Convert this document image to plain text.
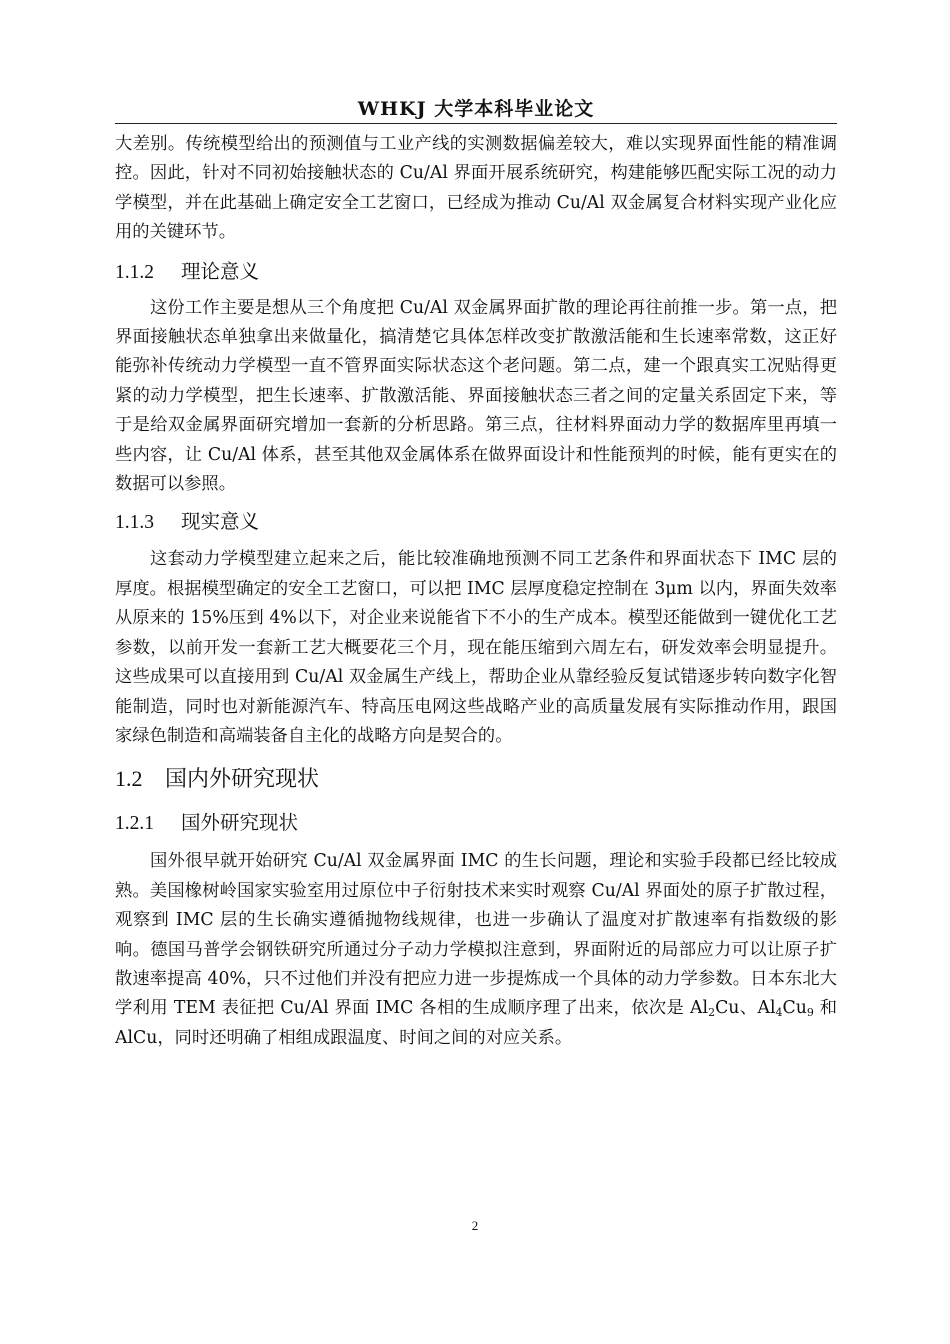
WHKJ 大学本科毕业论文

大差别。传统模型给出的预测值与工业产线的实测数据偏差较大，难以实现界面性能的精准调控。因此，针对不同初始接触状态的 Cu/Al 界面开展系统研究，构建能够匹配实际工况的动力学模型，并在此基础上确定安全工艺窗口，已经成为推动 Cu/Al 双金属复合材料实现产业化应用的关键环节。

1.1.2 理论意义

这份工作主要是想从三个角度把 Cu/Al 双金属界面扩散的理论再往前推一步。第一点，把界面接触状态单独拿出来做量化，搞清楚它具体怎样改变扩散激活能和生长速率常数，这正好能弥补传统动力学模型一直不管界面实际状态这个老问题。第二点，建一个跟真实工况贴得更紧的动力学模型，把生长速率、扩散激活能、界面接触状态三者之间的定量关系固定下来，等于是给双金属界面研究增加一套新的分析思路。第三点，往材料界面动力学的数据库里再填一些内容，让 Cu/Al 体系，甚至其他双金属体系在做界面设计和性能预判的时候，能有更实在的数据可以参照。

1.1.3 现实意义

这套动力学模型建立起来之后，能比较准确地预测不同工艺条件和界面状态下 IMC 层的厚度。根据模型确定的安全工艺窗口，可以把 IMC 层厚度稳定控制在 3μm 以内，界面失效率从原来的 15%压到 4%以下，对企业来说能省下不小的生产成本。模型还能做到一键优化工艺参数，以前开发一套新工艺大概要花三个月，现在能压缩到六周左右，研发效率会明显提升。这些成果可以直接用到 Cu/Al 双金属生产线上，帮助企业从靠经验反复试错逐步转向数字化智能制造，同时也对新能源汽车、特高压电网这些战略产业的高质量发展有实际推动作用，跟国家绿色制造和高端装备自主化的战略方向是契合的。

1.2 国内外研究现状
1.2.1 国外研究现状

国外很早就开始研究 Cu/Al 双金属界面 IMC 的生长问题，理论和实验手段都已经比较成熟。美国橡树岭国家实验室用过原位中子衍射技术来实时观察 Cu/Al 界面处的原子扩散过程，观察到 IMC 层的生长确实遵循抛物线规律，也进一步确认了温度对扩散速率有指数级的影响。德国马普学会钢铁研究所通过分子动力学模拟注意到，界面附近的局部应力可以让原子扩散速率提高 40%，只不过他们并没有把应力进一步提炼成一个具体的动力学参数。日本东北大学利用 TEM 表征把 Cu/Al 界面 IMC 各相的生成顺序理了出来，依次是 $Al_2Cu$、$Al_4Cu_9$ 和 AlCu，同时还明确了相组成跟温度、时间之间的对应关系。

2
